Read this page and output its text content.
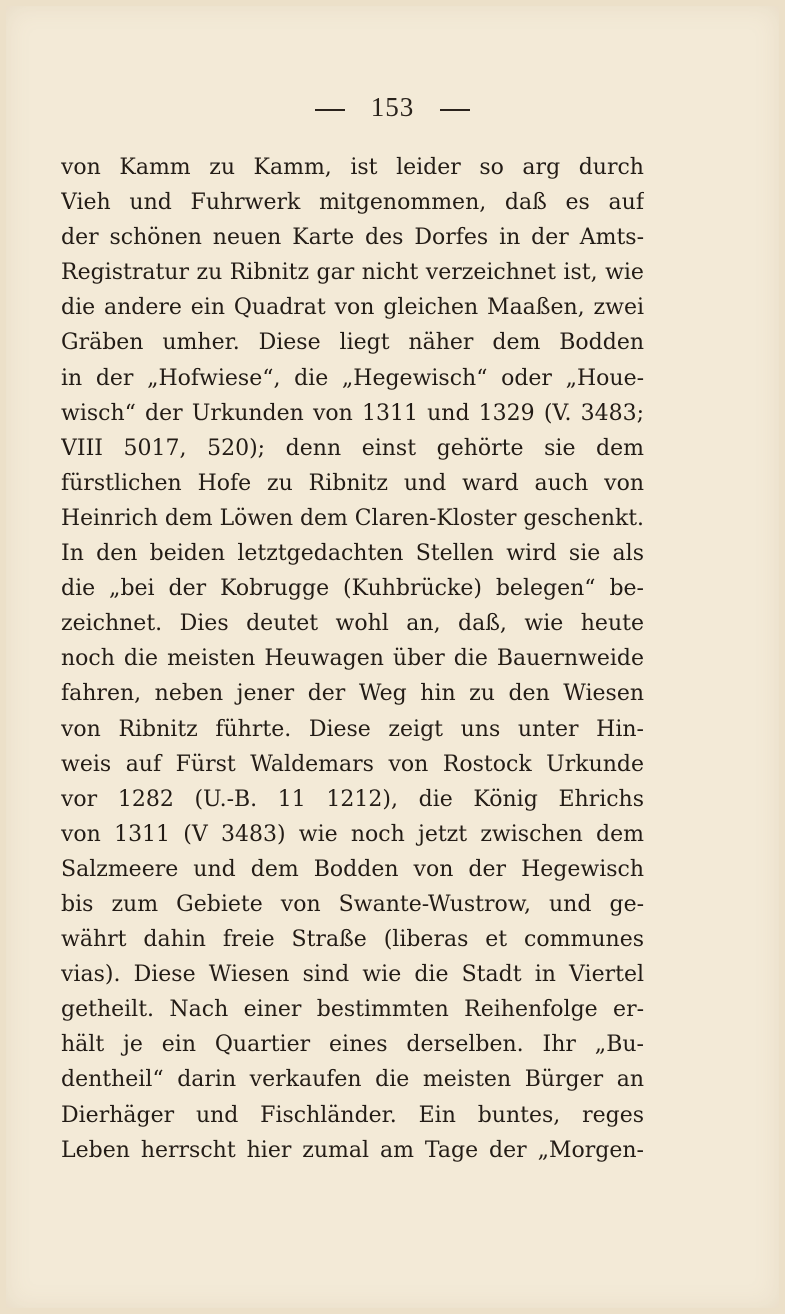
153
von Kamm zu Kamm, ist leider so arg durch
Vieh und Fuhrwerk mitgenommen, daß es auf
der schönen neuen Karte des Dorfes in der Amts-
Registratur zu Ribnitz gar nicht verzeichnet ist, wie
die andere ein Quadrat von gleichen Maaßen, zwei
Gräben umher. Diese liegt näher dem Bodden
in der „Hofwiese“, die „Hegewisch“ oder „Houe-
wisch“ der Urkunden von 1311 und 1329 (V. 3483;
VIII 5017, 520); denn einst gehörte sie dem
fürstlichen Hofe zu Ribnitz und ward auch von
Heinrich dem Löwen dem Claren-Kloster geschenkt.
In den beiden letztgedachten Stellen wird sie als
die „bei der Kobrugge (Kuhbrücke) belegen“ be-
zeichnet. Dies deutet wohl an, daß, wie heute
noch die meisten Heuwagen über die Bauernweide
fahren, neben jener der Weg hin zu den Wiesen
von Ribnitz führte. Diese zeigt uns unter Hin-
weis auf Fürst Waldemars von Rostock Urkunde
vor 1282 (U.-B. 11 1212), die König Ehrichs
von 1311 (V 3483) wie noch jetzt zwischen dem
Salzmeere und dem Bodden von der Hegewisch
bis zum Gebiete von Swante-Wustrow, und ge-
währt dahin freie Straße (liberas et communes
vias). Diese Wiesen sind wie die Stadt in Viertel
getheilt. Nach einer bestimmten Reihenfolge er-
hält je ein Quartier eines derselben. Ihr „Bu-
dentheil“ darin verkaufen die meisten Bürger an
Dierhäger und Fischländer. Ein buntes, reges
Leben herrscht hier zumal am Tage der „Morgen-
